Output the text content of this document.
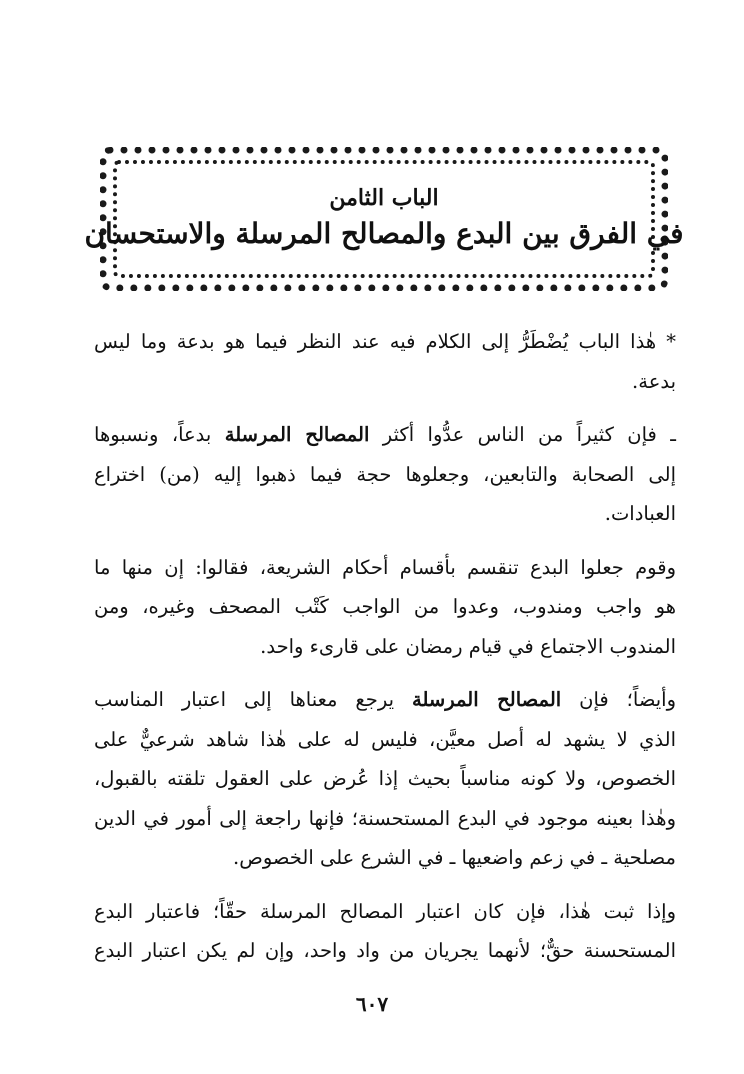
الباب الثامن

في الفرق بين البدع والمصالح المرسلة والاستحسان

* هٰذا الباب يُضْطَرُّ إلى الكلام فيه عند النظر فيما هو بدعة وما ليس
بدعة.

ـ فإن كثيراً من الناس عدُّوا أكثر المصالح المرسلة بدعاً، ونسبوها
إلى الصحابة والتابعين، وجعلوها حجة فيما ذهبوا إليه (من) اختراع
العبادات.

وقوم جعلوا البدع تنقسم بأقسام أحكام الشريعة، فقالوا: إن منها ما
هو واجب ومندوب، وعدوا من الواجب كَتْب المصحف وغيره، ومن
المندوب الاجتماع في قيام رمضان على قارىء واحد.

وأيضاً؛ فإن المصالح المرسلة يرجع معناها إلى اعتبار المناسب
الذي لا يشهد له أصل معيَّن، فليس له على هٰذا شاهد شرعيٌّ على
الخصوص، ولا كونه مناسباً بحيث إذا عُرض على العقول تلقته بالقبول،
وهٰذا بعينه موجود في البدع المستحسنة؛ فإنها راجعة إلى أمور في الدين
مصلحية ـ في زعم واضعيها ـ في الشرع على الخصوص.

وإذا ثبت هٰذا، فإن كان اعتبار المصالح المرسلة حقّاً؛ فاعتبار البدع
المستحسنة حقٌّ؛ لأنهما يجريان من واد واحد، وإن لم يكن اعتبار البدع

٦٠٧
